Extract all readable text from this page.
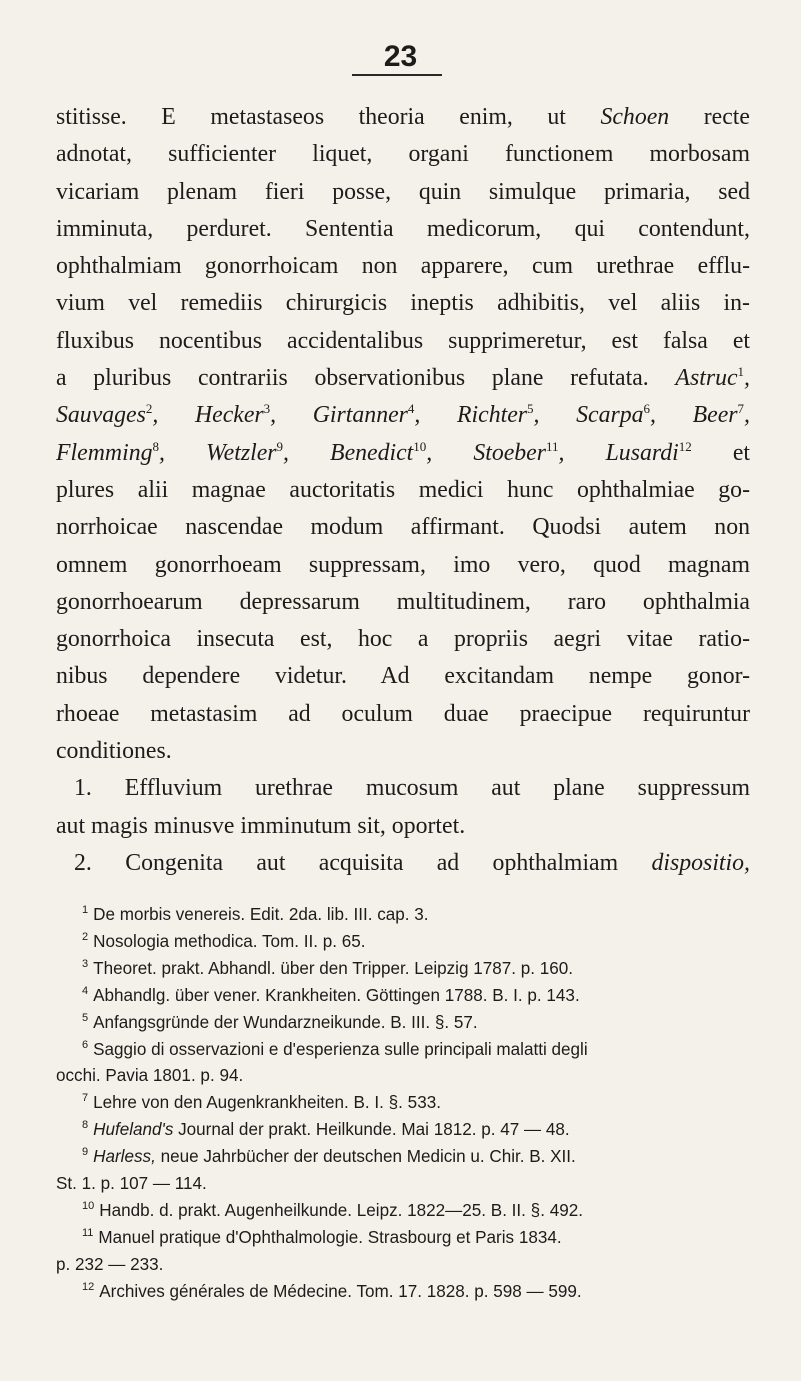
23
stitisse. E metastaseos theoria enim, ut Schoen recte
adnotat, sufficienter liquet, organi functionem morbosam
vicariam plenam fieri posse, quin simulque primaria, sed
imminuta, perduret. Sententia medicorum, qui contendunt,
ophthalmiam gonorrhoicam non apparere, cum urethrae efflu-
vium vel remediis chirurgicis ineptis adhibitis, vel aliis in-
fluxibus nocentibus accidentalibus supprimeretur, est falsa et
a pluribus contrariis observationibus plane refutata. Astruc$^1$,
Sauvages$^2$, Hecker$^3$, Girtanner$^4$, Richter$^5$, Scarpa$^6$, Beer$^7$,
Flemming$^8$, Wetzler$^9$, Benedict$^{10}$, Stoeber$^{11}$, Lusardi$^{12}$ et
plures alii magnae auctoritatis medici hunc ophthalmiae go-
norrhoicae nascendae modum affirmant. Quodsi autem non
omnem gonorrhoeam suppressam, imo vero, quod magnam
gonorrhoearum depressarum multitudinem, raro ophthalmia
gonorrhoica insecuta est, hoc a propriis aegri vitae ratio-
nibus dependere videtur. Ad excitandam nempe gonor-
rhoeae metastasim ad oculum duae praecipue requiruntur
conditiones.
1. Effluvium urethrae mucosum aut plane suppressum
aut magis minusve imminutum sit, oportet.
2. Congenita aut acquisita ad ophthalmiam dispositio,
$^1$ De morbis venereis. Edit. 2da. lib. III. cap. 3.
$^2$ Nosologia methodica. Tom. II. p. 65.
$^3$ Theoret. prakt. Abhandl. über den Tripper. Leipzig 1787. p. 160.
$^4$ Abhandlg. über vener. Krankheiten. Göttingen 1788. B. I. p. 143.
$^5$ Anfangsgründe der Wundarzneikunde. B. III. §. 57.
$^6$ Saggio di osservazioni e d'esperienza sulle principali malatti degli
occhi. Pavia 1801. p. 94.
$^7$ Lehre von den Augenkrankheiten. B. I. §. 533.
$^8$ Hufeland's Journal der prakt. Heilkunde. Mai 1812. p. 47 — 48.
$^9$ Harless, neue Jahrbücher der deutschen Medicin u. Chir. B. XII.
St. 1. p. 107 — 114.
$^{10}$ Handb. d. prakt. Augenheilkunde. Leipz. 1822—25. B. II. §. 492.
$^{11}$ Manuel pratique d'Ophthalmologie. Strasbourg et Paris 1834.
p. 232 — 233.
$^{12}$ Archives générales de Médecine. Tom. 17. 1828. p. 598 — 599.
